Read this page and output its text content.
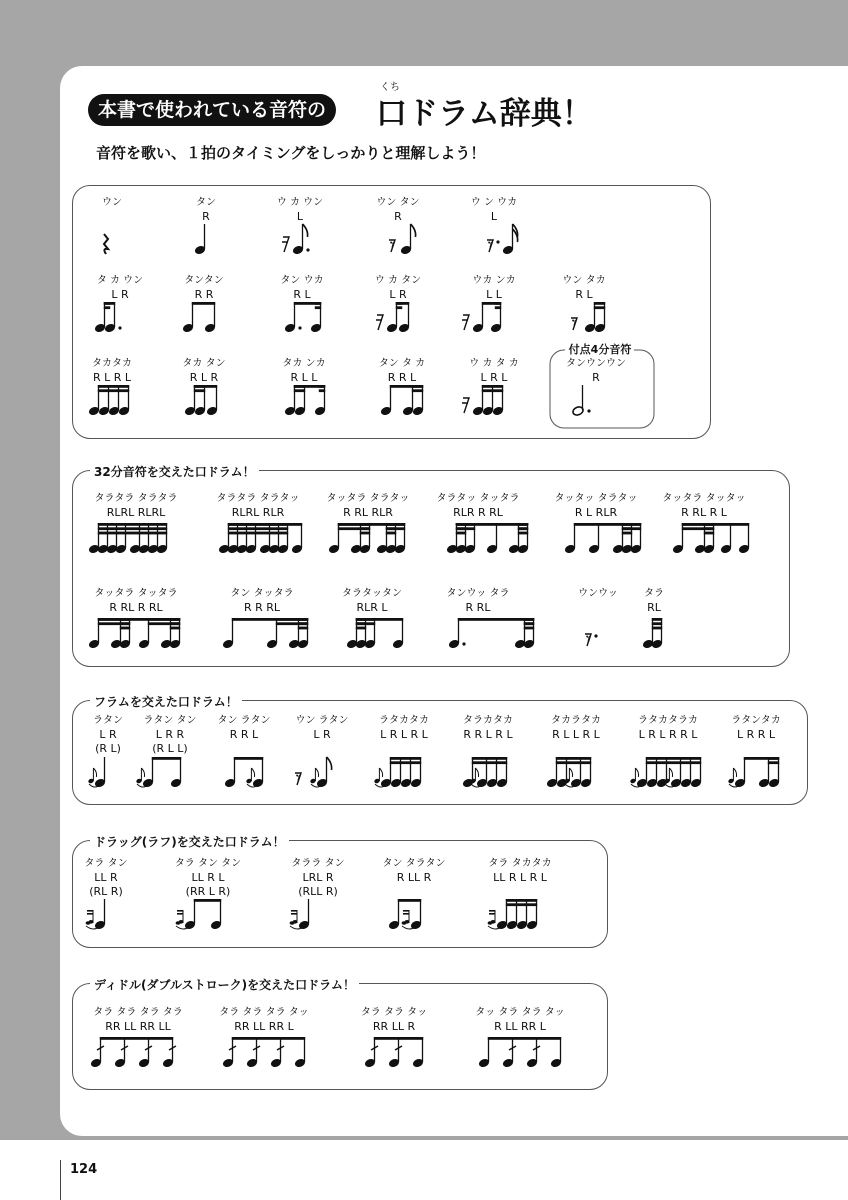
くち
本書で使われている音符の	口ドラム辞典！
音符を歌い、１拍のタイミングをしっかりと理解しよう！
32分音符を交えた口ドラム！
フラムを交えた口ドラム！
ドラッグ(ラフ)を交えた口ドラム！
ディドル(ダブルストローク)を交えた口ドラム！
124
ウン	タン
R
ウ カ ウン
L
ウン タン
R
𝄾
ウ ン ウカ
L
𝄾
タ カ ウン
L R
タンタン
R R
タン ウカ
R L
ウ カ タン
L R
ウカ ンカ
L L
ウン タカ
R L
𝄾
タカタカ
R L R L
タカ タン
R L R
タカ ンカ
R L L
タン タ カ
R R L
ウ カ タ カ
L R L
付点4分音符
タンウンウン
R
タラタラ タラタラ
RLRL RLRL
タラタラ タラタッ
RLRL RLR
タッタラ タラタッ
R RL RLR
タラタッ タッタラ
RLR R RL
タッタッ タラタッ
R L RLR
タッタラ タッタッ
R RL R L
タッタラ タッタラ
R RL R RL
タン タッタラ
R R RL
タラタッタン
RLR L
タンウッ タラ
R RL
ウンウッ
𝄾
タラ
RL
ラタン
L R
(R L)
ラタン タン
L R R
(R L L)
タン ラタン
R R L
ウン ラタン
L R
𝄾
ラタカタカ
L R L R L
タラカタカ
R R L R L
タカラタカ
R L L R L
ラタカタラカ
L R L R R L
ラタンタカ
L R R L
タラ タン
LL R
(RL R)
タラ タン タン
LL R L
(RR L R)
タララ タン
LRL R
(RLL R)
タン タラタン
R LL R
タラ タカタカ
LL R L R L
タラ タラ タラ タラ
RR LL RR LL
タラ タラ タラ タッ
RR LL RR L
タラ タラ タッ
RR LL R
タッ タラ タラ タッ
R LL RR L
